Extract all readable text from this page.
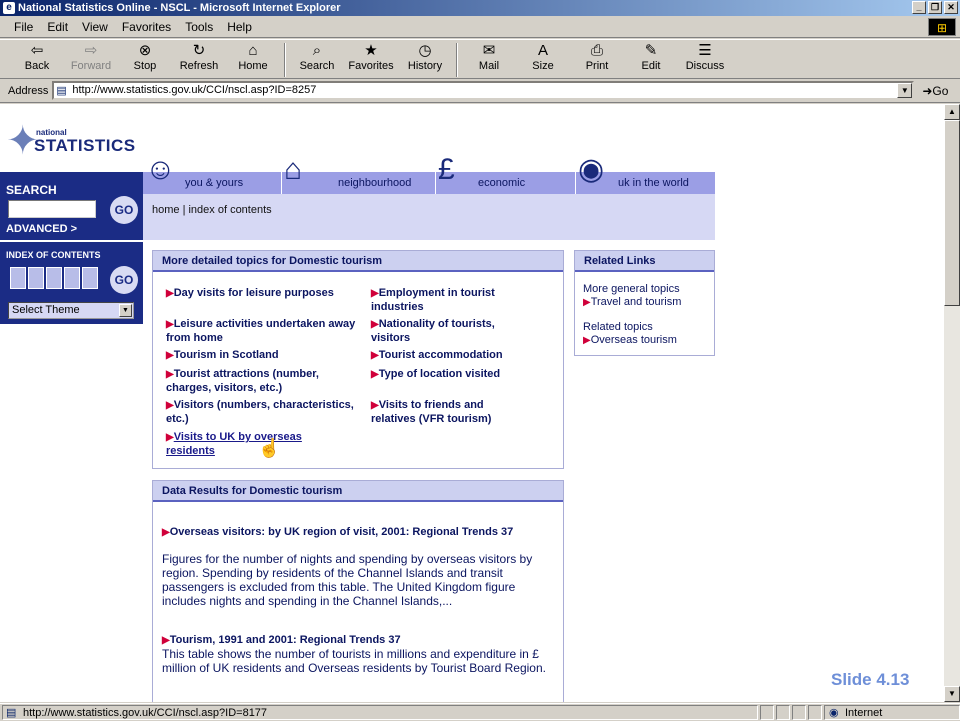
e National Statistics Online - NSCL - Microsoft Internet Explorer	_	❐ ✕
File Edit View Favorites Tools Help	⊞
⇦
Back
⇨
Forward
⊗
Stop
↻
Refresh
⌂
Home
⌕
Search
★
Favorites
◷
History
✉
Mail
A
Size
⎙
Print
✎
Edit
☰
Discuss
Address ▤ http://www.statistics.gov.uk/CCI/nscl.asp?ID=8257	▼ ➜Go
✦
national
STATISTICS
☺ you & yours ⌂	neighbourhood £	economic ◉	uk in the world
home | index of contents
SEARCH
GO
ADVANCED >
INDEX OF CONTENTS
GO
Select Theme	▼
More detailed topics for Domestic tourism
▶Day visits for leisure purposes
▶Leisure activities undertaken away from home
▶Tourism in Scotland
▶Tourist attractions (number, charges, visitors, etc.)
▶Visitors (numbers, characteristics, etc.)
▶Visits to UK by overseas residents
▶Employment in tourist industries
▶Nationality of tourists, visitors
▶Tourist accommodation
▶Type of location visited
▶Visits to friends and relatives (VFR tourism)
☝
Related Links
More general topics
▶Travel and tourism
Related topics
▶Overseas tourism
Data Results for Domestic tourism
▶Overseas visitors: by UK region of visit, 2001: Regional Trends 37
Figures for the number of nights and spending by overseas visitors by region. Spending by residents of the Channel Islands and transit passengers is excluded from this table. The United Kingdom figure includes nights and spending in the Channel Islands,...
▶Tourism, 1991 and 2001: Regional Trends 37
This table shows the number of tourists in millions and expenditure in £ million of UK residents and Overseas residents by Tourist Board Region.
Slide 4.13
▲
▼
▤ http://www.statistics.gov.uk/CCI/nscl.asp?ID=8177	◉ Internet
